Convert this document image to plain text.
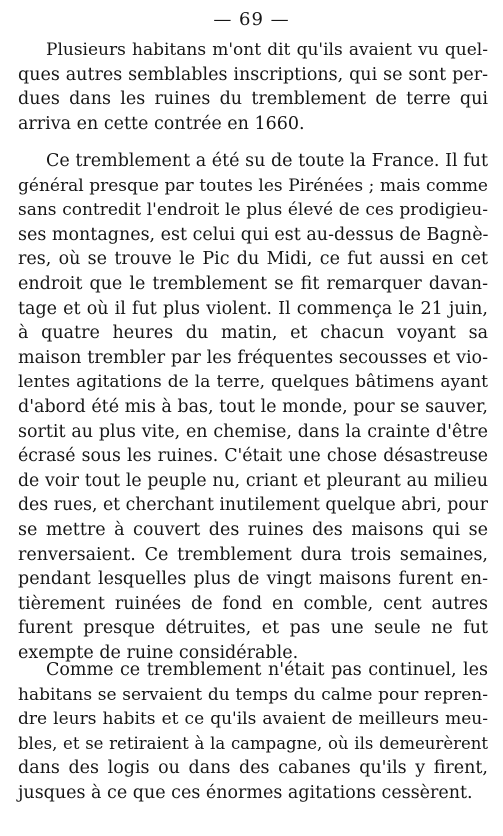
— 69 —
Plusieurs habitans m'ont dit qu'ils avaient vu quel-
ques autres semblables inscriptions, qui se sont per-
dues dans les ruines du tremblement de terre qui
arriva en cette contrée en 1660.
Ce tremblement a été su de toute la France. Il fut
général presque par toutes les Pirénées ; mais comme
sans contredit l'endroit le plus élevé de ces prodigieu-
ses montagnes, est celui qui est au-dessus de Bagnè-
res, où se trouve le Pic du Midi, ce fut aussi en cet
endroit que le tremblement se fit remarquer davan-
tage et où il fut plus violent. Il commença le 21 juin,
à quatre heures du matin, et chacun voyant sa
maison trembler par les fréquentes secousses et vio-
lentes agitations de la terre, quelques bâtimens ayant
d'abord été mis à bas, tout le monde, pour se sauver,
sortit au plus vite, en chemise, dans la crainte d'être
écrasé sous les ruines. C'était une chose désastreuse
de voir tout le peuple nu, criant et pleurant au milieu
des rues, et cherchant inutilement quelque abri, pour
se mettre à couvert des ruines des maisons qui se
renversaient. Ce tremblement dura trois semaines,
pendant lesquelles plus de vingt maisons furent en-
tièrement ruinées de fond en comble, cent autres
furent presque détruites, et pas une seule ne fut
exempte de ruine considérable.
Comme ce tremblement n'était pas continuel, les
habitans se servaient du temps du calme pour repren-
dre leurs habits et ce qu'ils avaient de meilleurs meu-
bles, et se retiraient à la campagne, où ils demeurèrent
dans des logis ou dans des cabanes qu'ils y firent,
jusques à ce que ces énormes agitations cessèrent.
